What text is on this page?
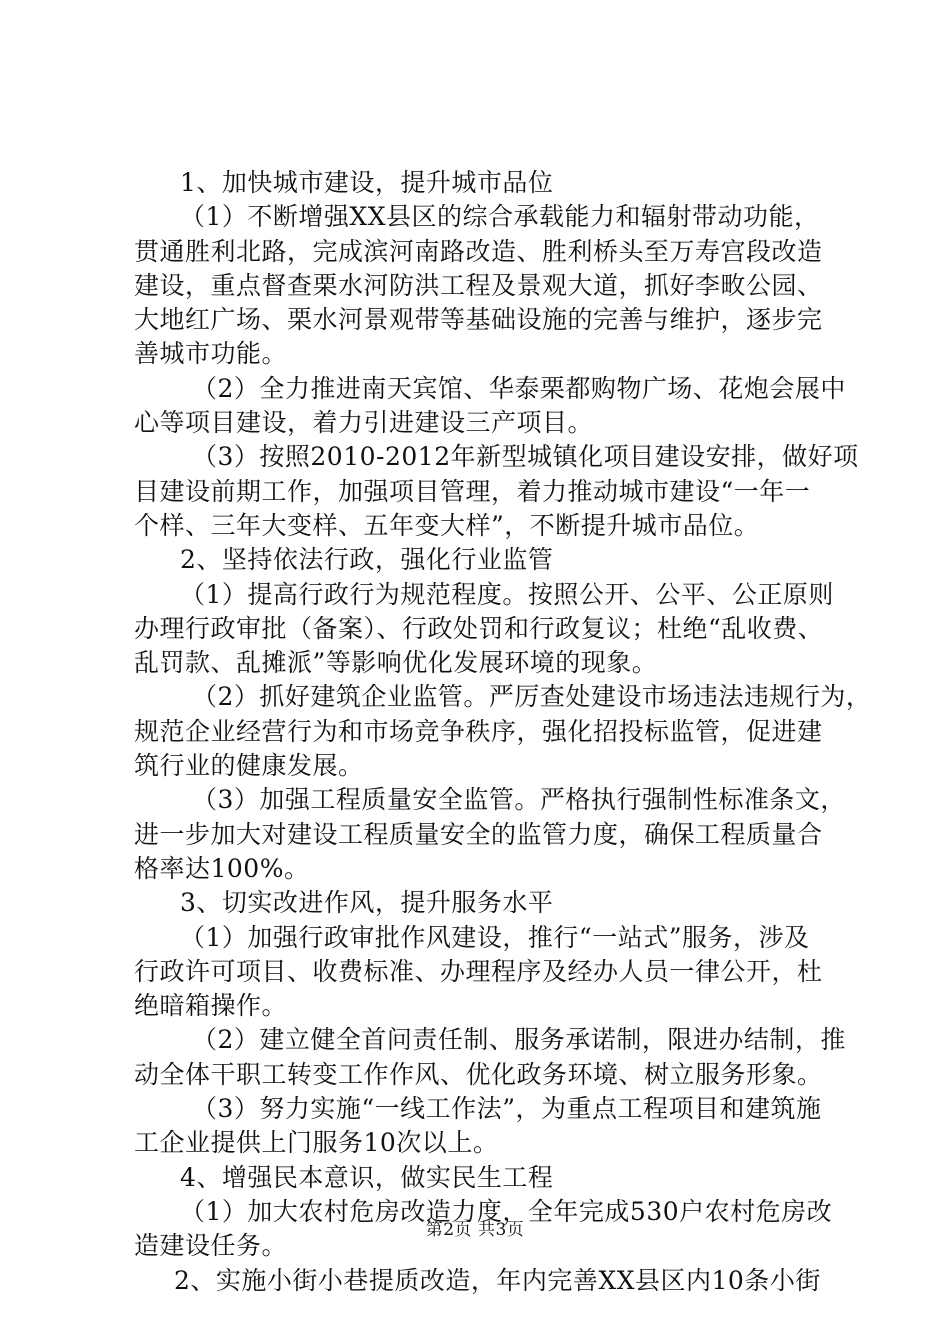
1、加快城市建设，提升城市品位
（1）不断增强XX县区的综合承载能力和辐射带动功能，
贯通胜利北路，完成滨河南路改造、胜利桥头至万寿宫段改造
建设，重点督查栗水河防洪工程及景观大道，抓好李畋公园、
大地红广场、栗水河景观带等基础设施的完善与维护，逐步完
善城市功能。
（2）全力推进南天宾馆、华泰栗都购物广场、花炮会展中
心等项目建设，着力引进建设三产项目。
（3）按照2010-2012年新型城镇化项目建设安排，做好项
目建设前期工作，加强项目管理，着力推动城市建设“一年一
个样、三年大变样、五年变大样”，不断提升城市品位。
2、坚持依法行政，强化行业监管
（1）提高行政行为规范程度。按照公开、公平、公正原则
办理行政审批（备案）、行政处罚和行政复议；杜绝“乱收费、
乱罚款、乱摊派”等影响优化发展环境的现象。
（2）抓好建筑企业监管。严厉查处建设市场违法违规行为，
规范企业经营行为和市场竞争秩序，强化招投标监管，促进建
筑行业的健康发展。
（3）加强工程质量安全监管。严格执行强制性标准条文，
进一步加大对建设工程质量安全的监管力度，确保工程质量合
格率达100%。
3、切实改进作风，提升服务水平
（1）加强行政审批作风建设，推行“一站式”服务，涉及
行政许可项目、收费标准、办理程序及经办人员一律公开，杜
绝暗箱操作。
（2）建立健全首问责任制、服务承诺制，限进办结制，推
动全体干职工转变工作作风、优化政务环境、树立服务形象。
（3）努力实施“一线工作法”，为重点工程项目和建筑施
工企业提供上门服务10次以上。
4、增强民本意识，做实民生工程
（1）加大农村危房改造力度，全年完成530户农村危房改
造建设任务。
2、实施小街小巷提质改造，年内完善XX县区内10条小街
第2页 共3页
